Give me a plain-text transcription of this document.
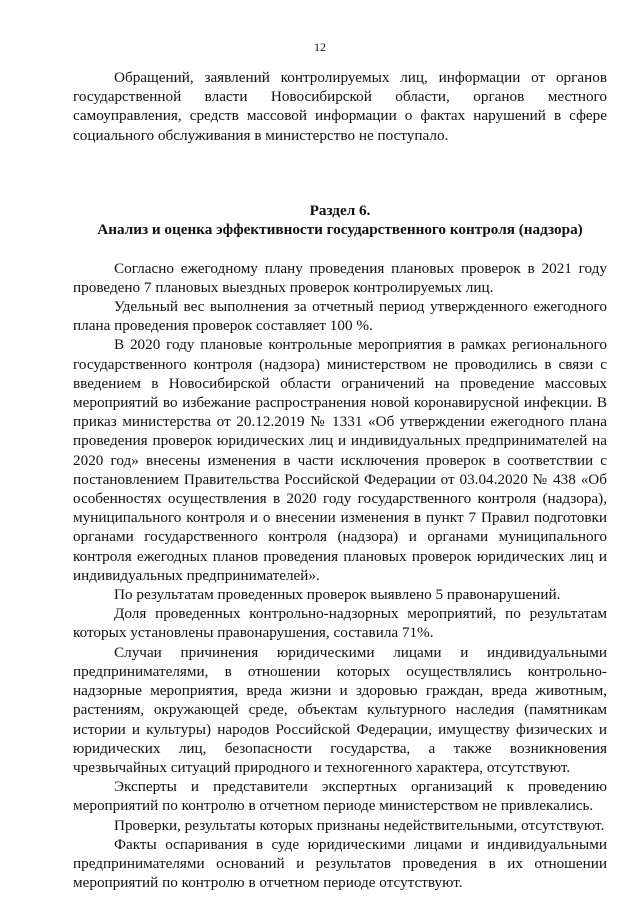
12

Обращений, заявлений контролируемых лиц, информации от органов государственной власти Новосибирской области, органов местного самоуправления, средств массовой информации о фактах нарушений в сфере социального обслуживания в министерство не поступало.

Раздел 6.
Анализ и оценка эффективности государственного контроля (надзора)

Согласно ежегодному плану проведения плановых проверок в 2021 году проведено 7 плановых выездных проверок контролируемых лиц.

Удельный вес выполнения за отчетный период утвержденного ежегодного плана проведения проверок составляет 100 %.

В 2020 году плановые контрольные мероприятия в рамках регионального государственного контроля (надзора) министерством не проводились в связи с введением в Новосибирской области ограничений на проведение массовых мероприятий во избежание распространения новой коронавирусной инфекции. В приказ министерства от 20.12.2019 № 1331 «Об утверждении ежегодного плана проведения проверок юридических лиц и индивидуальных предпринимателей на 2020 год» внесены изменения в части исключения проверок в соответствии с постановлением Правительства Российской Федерации от 03.04.2020 № 438 «Об особенностях осуществления в 2020 году государственного контроля (надзора), муниципального контроля и о внесении изменения в пункт 7 Правил подготовки органами государственного контроля (надзора) и органами муниципального контроля ежегодных планов проведения плановых проверок юридических лиц и индивидуальных предпринимателей».

По результатам проведенных проверок выявлено 5 правонарушений.

Доля проведенных контрольно-надзорных мероприятий, по результатам которых установлены правонарушения, составила 71%.

Случаи причинения юридическими лицами и индивидуальными предпринимателями, в отношении которых осуществлялись контрольно-надзорные мероприятия, вреда жизни и здоровью граждан, вреда животным, растениям, окружающей среде, объектам культурного наследия (памятникам истории и культуры) народов Российской Федерации, имуществу физических и юридических лиц, безопасности государства, а также возникновения чрезвычайных ситуаций природного и техногенного характера, отсутствуют.

Эксперты и представители экспертных организаций к проведению мероприятий по контролю в отчетном периоде министерством не привлекались.

Проверки, результаты которых признаны недействительными, отсутствуют.

Факты оспаривания в суде юридическими лицами и индивидуальными предпринимателями оснований и результатов проведения в их отношении мероприятий по контролю в отчетном периоде отсутствуют.
